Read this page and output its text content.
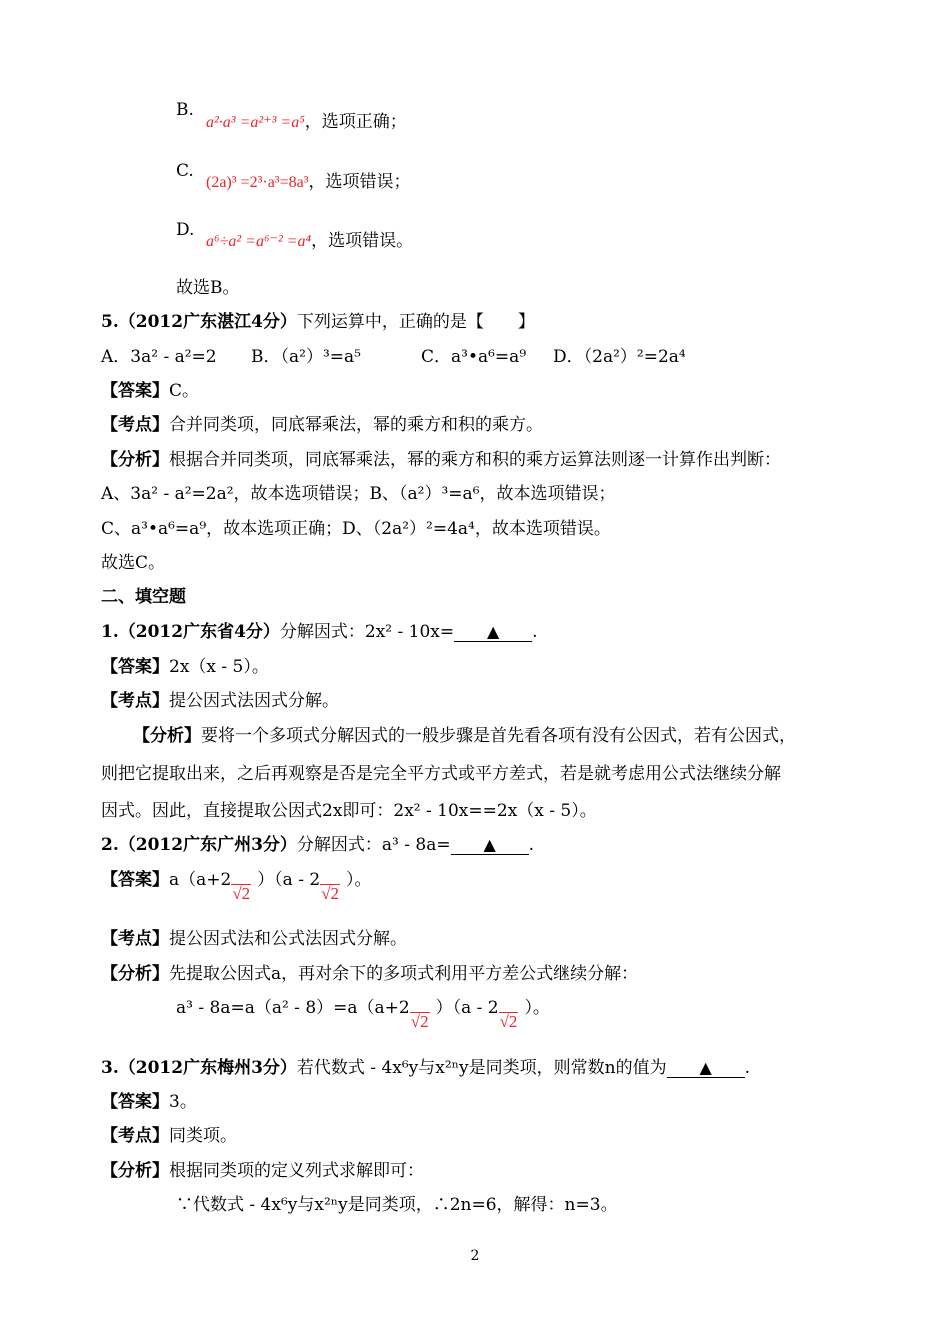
B.
a²·a³ =a²⁺³ =a⁵，选项正确；
C.
(2a)³ =2³·a³=8a³，选项错误；
D.
a⁶÷a² =a⁶⁻² =a⁴，选项错误。
故选B。
5.（2012广东湛江4分）下列运算中，正确的是【　　】
A．3a² - a²=2 B．（a²）³=a⁵	C．a³•a⁶=a⁹ D．（2a²）²=2a⁴
【答案】C。
【考点】合并同类项，同底幂乘法，幂的乘方和积的乘方。
【分析】根据合并同类项，同底幂乘法，幂的乘方和积的乘方运算法则逐一计算作出判断：
A、3a² - a²=2a²，故本选项错误；B、（a²）³=a⁶，故本选项错误；
C、a³•a⁶=a⁹，故本选项正确；D、（2a²）²=4a⁴，故本选项错误。
故选C。
二、填空题
1.（2012广东省4分）分解因式：2x² - 10x= ▲ .
【答案】2x（x - 5）。
【考点】提公因式法因式分解。
【分析】要将一个多项式分解因式的一般步骤是首先看各项有没有公因式，若有公因式，
则把它提取出来，之后再观察是否是完全平方式或平方差式，若是就考虑用公式法继续分解
因式。因此，直接提取公因式2x即可：2x² - 10x==2x（x - 5）。
2.（2012广东广州3分）分解因式：a³ - 8a= ▲ .
【答案】a（a+2√2）（a - 2√2）。
【考点】提公因式法和公式法因式分解。
【分析】先提取公因式a，再对余下的多项式利用平方差公式继续分解：
a³ - 8a=a（a² - 8）=a（a+2√2）（a - 2√2）。
3.（2012广东梅州3分）若代数式 - 4x⁶y与x²ⁿy是同类项，则常数n的值为 ▲ .
【答案】3。
【考点】同类项。
【分析】根据同类项的定义列式求解即可：
∵代数式 - 4x⁶y与x²ⁿy是同类项，∴2n=6，解得：n=3。
2
